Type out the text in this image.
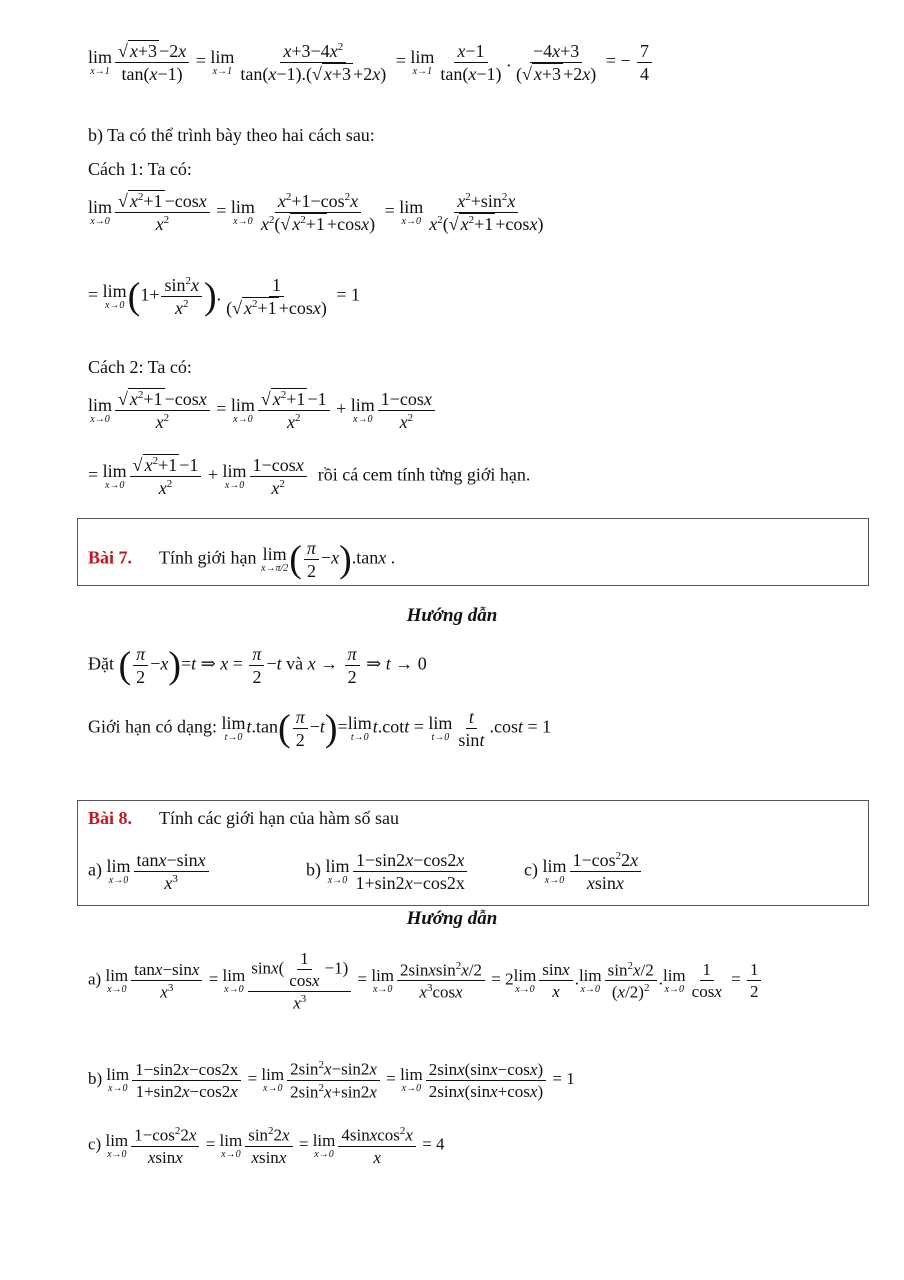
lim
$x\to 1 \frac{√ x+3 -2x}{\tan(x-1)} = \lim$
$x\to 1 \frac{x+3-4x^2}{\tan(x-1).(√ x+3 +2x)} = \lim$
$x\to 1 \frac{x-1}{\tan(x-1)}$ . $\frac{-4x+3}{(√ x+3 +2x)}$ = − $\frac{7}{4}$
b) Ta có thể trình bày theo hai cách sau:
Cách 1: Ta có:
lim
$x\to 0 \frac{√ x^2+1 -\cos x}{x^2} = \lim$
$x\to 0 \frac{x^2+1-\cos^2x}{x^2(√ x^2+1 +\cos x)} = \lim$
$x\to 0 \frac{x^2+\sin^2x}{x^2(√ x^2+1 +\cos x)}$
= lim
x→0 ($1+ \frac{\sin^2x}{x^2}$ ). $\frac{1}{(√ x^2+1 +\cos x)} = 1$
Cách 2: Ta có:
lim
$x\to 0 \frac{√ x^2+1 -\cos x}{x^2} = \lim$
$x\to 0 \frac{√ x^2+1 -1}{x^2} + \lim$
$x\to 0 \frac{1-\cos x}{x^2}$
= lim
$x\to 0 \frac{√ x^2+1 -1}{x^2} + \lim$
$x\to 0 \frac{1-\cos x}{x^2}$ rồi cá cem tính từng giới hạn.
Bài 7. Tính giới hạn lim
x→π/2 ( $\frac{\pi}{2} -x).\tan x$ .
Hướng dẫn
Đặt ( $\frac{\pi}{2} -x)=t$ ⇒ $x = \frac{\pi}{2} -t$ và $x \to \frac{\pi}{2}$ ⇒ t → 0
Giới hạn có dạng: lim
t→0
$t.\tan( \frac{\pi}{2} -t)= \lim$
t→0
t.cott = lim
$t\to 0 \frac{t}{\sin t} .\cos t = 1$
Bài 8. Tính các giới hạn của hàm số sau
a) lim
$x\to 0 \frac{\tan x-\sin x}{x^3}$	b) lim
$x\to 0 \frac{1-\sin 2x-\cos 2x}{1+\sin 2x-\cos 2x}$	c) lim
$x\to 0 \frac{1-\cos^22x}{xsinx}$
Hướng dẫn
a) lim
$x\to 0 \frac{\tan x-\sin x}{x^3} = \lim$
$x\to 0 \frac{\sin x( \frac{1}{\cos x} -1)}{x^3} = \lim$
$x\to 0 \frac{2sinxsin^2x/2}{x^3\cos x} = 2$ lim
$x\to 0 \frac{\sin x}{x}$ . lim
$x\to 0 \frac{\sin^2x/2}{(x/2)^2}$ . lim
$x\to 0 \frac{1}{\cos x} = \frac{1}{2}$
b) lim
$x\to 0 \frac{1-\sin 2x-\cos 2x}{1+\sin 2x-\cos 2x} = \lim$
$x\to 0 \frac{2\sin^2x-\sin 2x}{2\sin^2x+\sin 2x} = \lim$
$x\to 0 \frac{2\sin x(\sin x-\cos x)}{2\sin x(\sin x+\cos x)} = 1$
c) lim
$x\to 0 \frac{1-\cos^22x}{xsinx} = \lim$
$x\to 0 \frac{\sin^22x}{xsinx} = \lim$
$x\to 0 \frac{4sinxcos^2x}{x} = 4$
